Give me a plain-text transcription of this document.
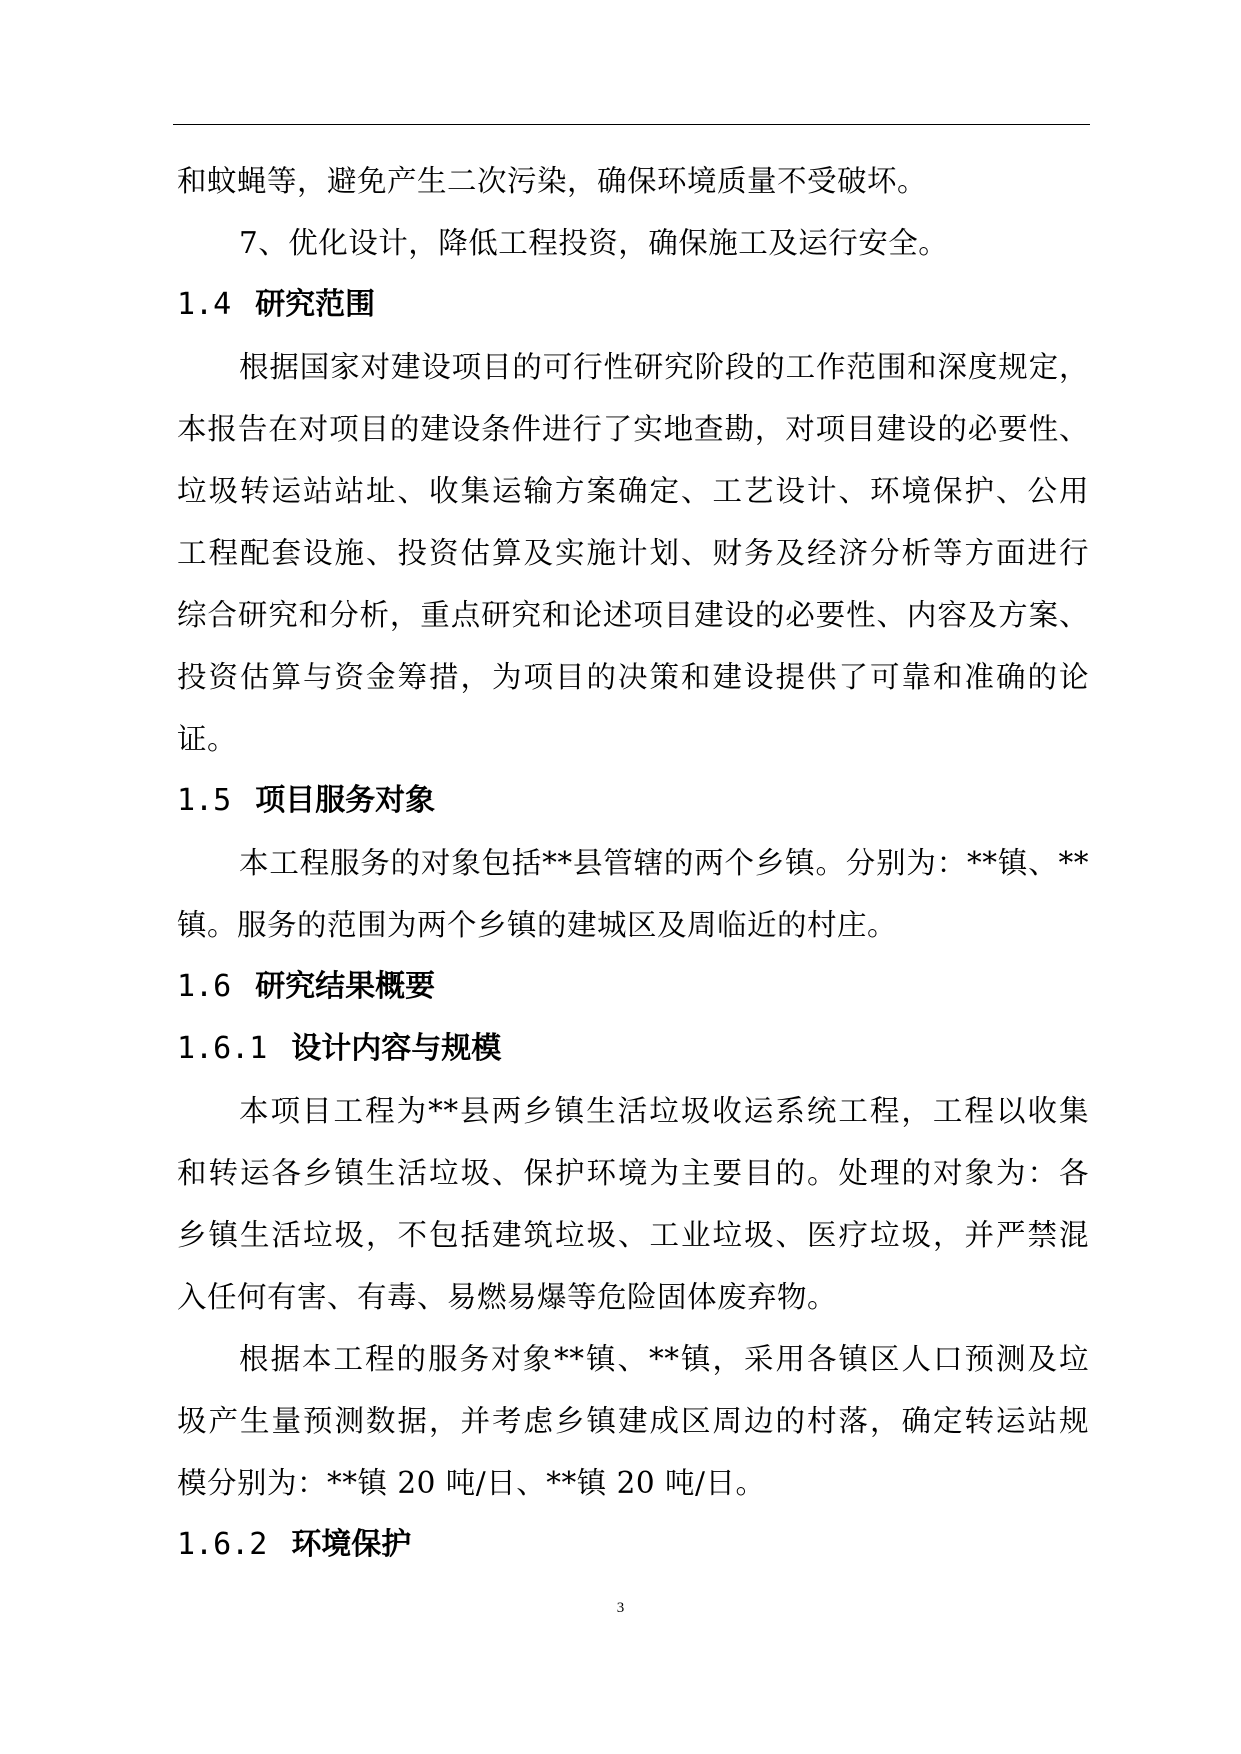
和蚊蝇等，避免产生二次污染，确保环境质量不受破坏。
7、优化设计，降低工程投资，确保施工及运行安全。
1.4 研究范围
根据国家对建设项目的可行性研究阶段的工作范围和深度规定，
本报告在对项目的建设条件进行了实地查勘，对项目建设的必要性、
垃圾转运站站址、收集运输方案确定、工艺设计、环境保护、公用
工程配套设施、投资估算及实施计划、财务及经济分析等方面进行
综合研究和分析，重点研究和论述项目建设的必要性、内容及方案、
投资估算与资金筹措，为项目的决策和建设提供了可靠和准确的论
证。
1.5 项目服务对象
本工程服务的对象包括**县管辖的两个乡镇。分别为：**镇、**
镇。服务的范围为两个乡镇的建城区及周临近的村庄。
1.6 研究结果概要
1.6.1 设计内容与规模
本项目工程为**县两乡镇生活垃圾收运系统工程，工程以收集
和转运各乡镇生活垃圾、保护环境为主要目的。处理的对象为：各
乡镇生活垃圾，不包括建筑垃圾、工业垃圾、医疗垃圾，并严禁混
入任何有害、有毒、易燃易爆等危险固体废弃物。
根据本工程的服务对象**镇、**镇，采用各镇区人口预测及垃
圾产生量预测数据，并考虑乡镇建成区周边的村落，确定转运站规
模分别为：**镇 20 吨/日、**镇 20 吨/日。
1.6.2 环境保护
3
